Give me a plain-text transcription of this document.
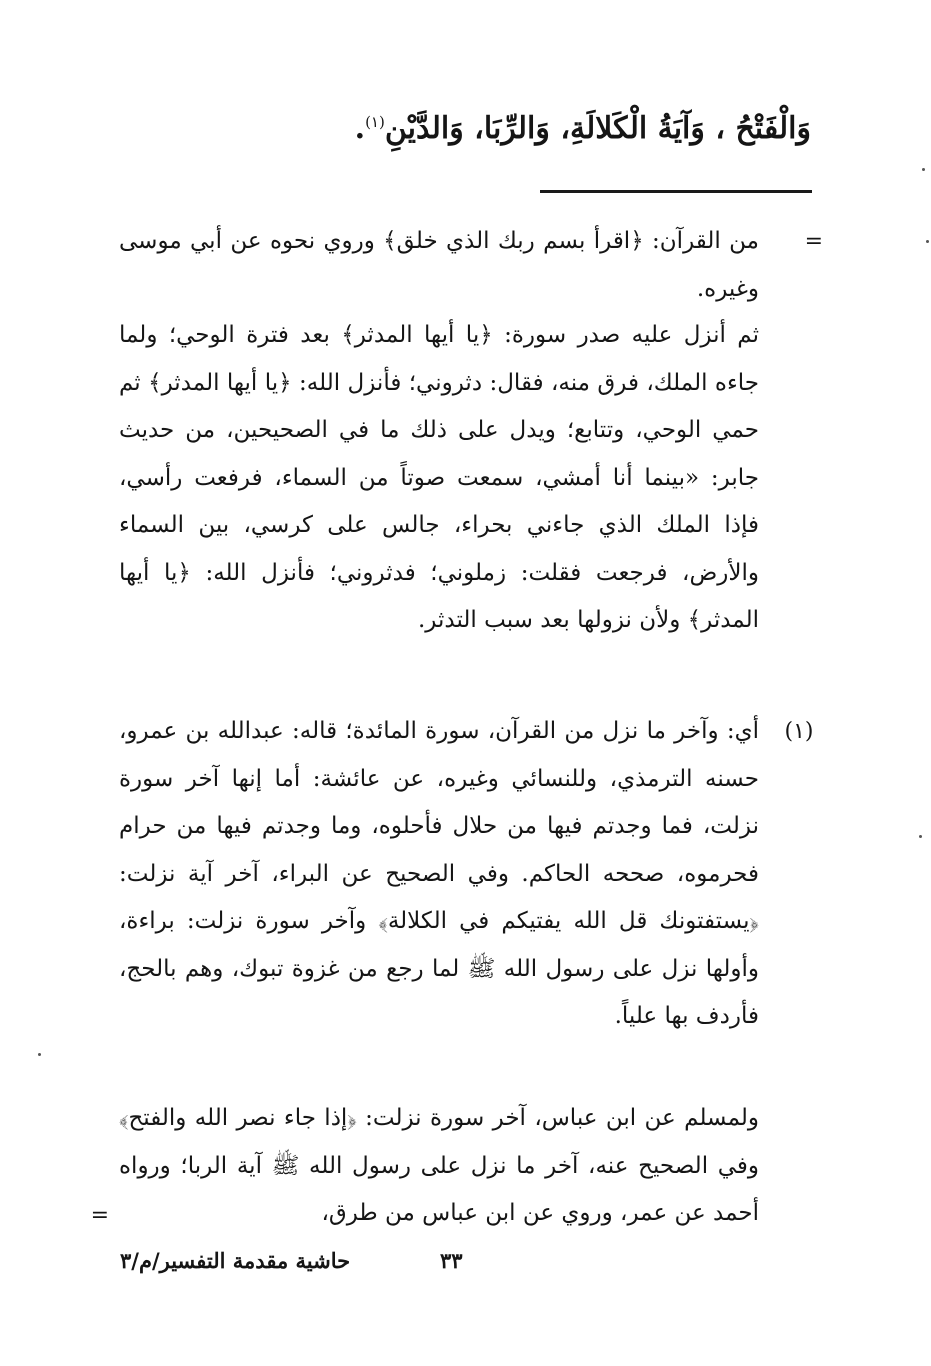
وَالْفَتْحُ ، وَآيَةُ الْكَلالَةِ، وَالرِّبَا، وَالدَّيْنِ$^{(١)}$.
=
من القرآن: ﴿اقرأ بسم ربك الذي خلق﴾ وروي نحوه عن أبي موسى وغيره.
ثم أنزل عليه صدر سورة: ﴿يا أيها المدثر﴾ بعد فترة الوحي؛ ولما جاءه الملك، فرق منه، فقال: دثروني؛ فأنزل الله: ﴿يا أيها المدثر﴾ ثم حمي الوحي، وتتابع؛ ويدل على ذلك ما في الصحيحين، من حديث جابر: «بينما أنا أمشي، سمعت صوتاً من السماء، فرفعت رأسي، فإذا الملك الذي جاءني بحراء، جالس على كرسي، بين السماء والأرض، فرجعت فقلت: زملوني؛ فدثروني؛ فأنزل الله: ﴿يا أيها المدثر﴾ ولأن نزولها بعد سبب التدثر.
(١)
أي: وآخر ما نزل من القرآن، سورة المائدة؛ قاله: عبدالله بن عمرو، حسنه الترمذي، وللنسائي وغيره، عن عائشة: أما إنها آخر سورة نزلت، فما وجدتم فيها من حلال فأحلوه، وما وجدتم فيها من حرام فحرموه، صححه الحاكم. وفي الصحيح عن البراء، آخر آية نزلت: ﴿يستفتونك قل الله يفتيكم في الكلالة﴾ وآخر سورة نزلت: براءة، وأولها نزل على رسول الله ﷺ لما رجع من غزوة تبوك، وهم بالحج، فأردف بها علياً.
ولمسلم عن ابن عباس، آخر سورة نزلت: ﴿إذا جاء نصر الله والفتح﴾ وفي الصحيح عنه، آخر ما نزل على رسول الله ﷺ آية الربا؛ ورواه أحمد عن عمر، وروي عن ابن عباس من طرق،
=
٣٣
حاشية مقدمة التفسير/م/٣
